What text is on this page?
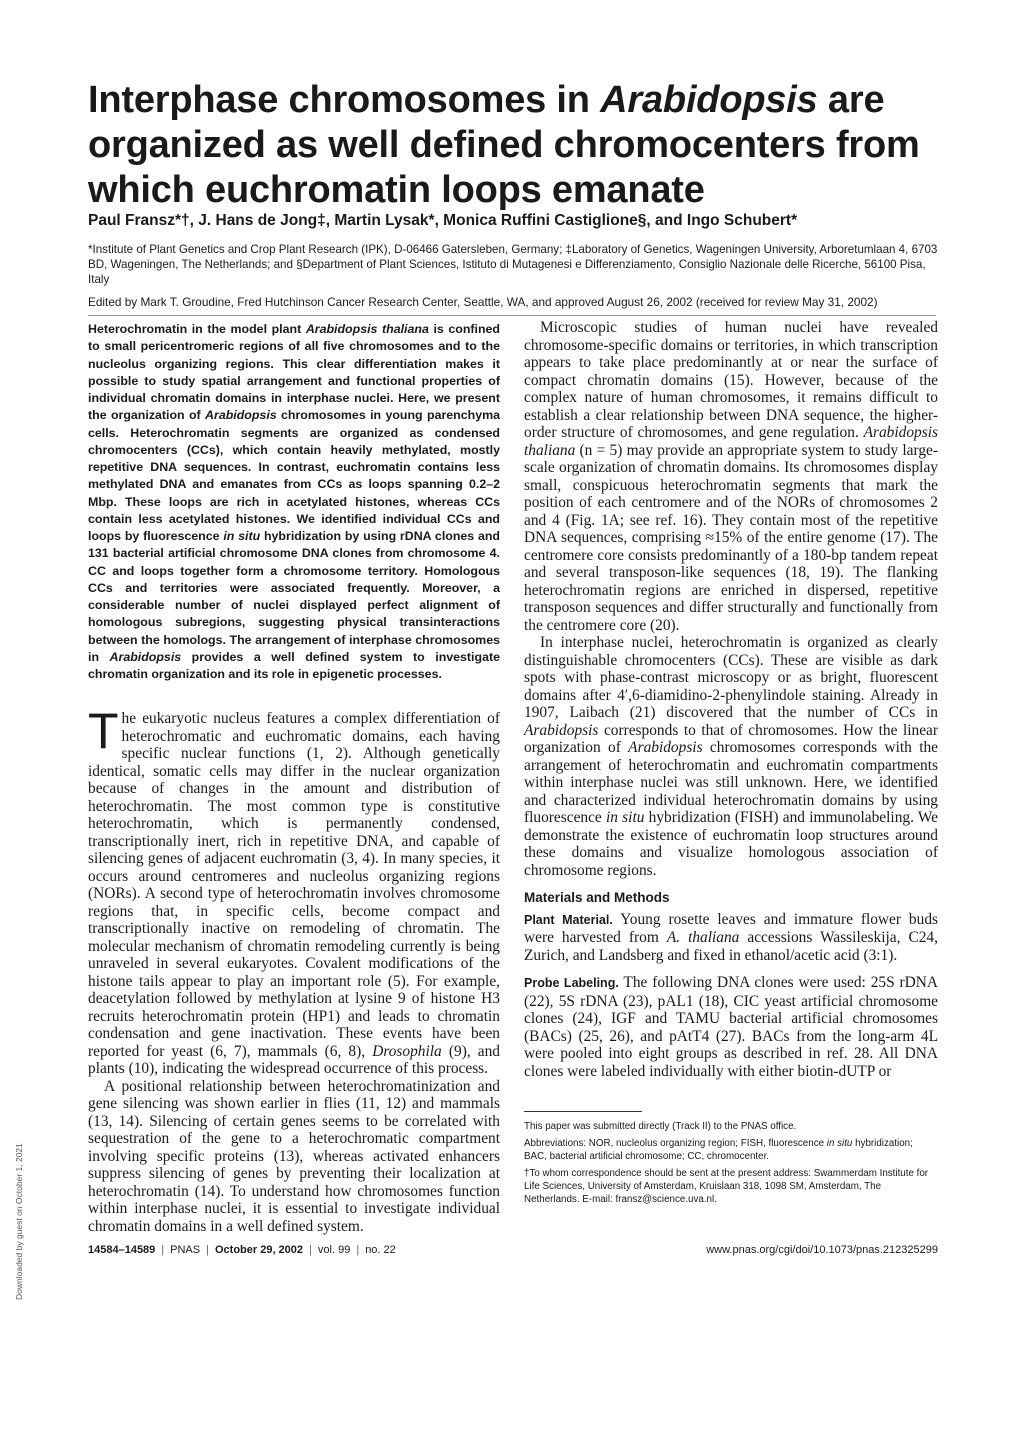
Interphase chromosomes in Arabidopsis are organized as well defined chromocenters from which euchromatin loops emanate
Paul Fransz*†, J. Hans de Jong‡, Martin Lysak*, Monica Ruffini Castiglione§, and Ingo Schubert*
*Institute of Plant Genetics and Crop Plant Research (IPK), D-06466 Gatersleben, Germany; ‡Laboratory of Genetics, Wageningen University, Arboretumlaan 4, 6703 BD, Wageningen, The Netherlands; and §Department of Plant Sciences, Istituto di Mutagenesi e Differenziamento, Consiglio Nazionale delle Ricerche, 56100 Pisa, Italy
Edited by Mark T. Groudine, Fred Hutchinson Cancer Research Center, Seattle, WA, and approved August 26, 2002 (received for review May 31, 2002)

Heterochromatin in the model plant Arabidopsis thaliana is confined to small pericentromeric regions of all five chromosomes and to the nucleolus organizing regions. This clear differentiation makes it possible to study spatial arrangement and functional properties of individual chromatin domains in interphase nuclei. Here, we present the organization of Arabidopsis chromosomes in young parenchyma cells. Heterochromatin segments are organized as condensed chromocenters (CCs), which contain heavily methylated, mostly repetitive DNA sequences. In contrast, euchromatin contains less methylated DNA and emanates from CCs as loops spanning 0.2–2 Mbp. These loops are rich in acetylated histones, whereas CCs contain less acetylated histones. We identified individual CCs and loops by fluorescence in situ hybridization by using rDNA clones and 131 bacterial artificial chromosome DNA clones from chromosome 4. CC and loops together form a chromosome territory. Homologous CCs and territories were associated frequently. Moreover, a considerable number of nuclei displayed perfect alignment of homologous subregions, suggesting physical transinteractions between the homologs. The arrangement of interphase chromosomes in Arabidopsis provides a well defined system to investigate chromatin organization and its role in epigenetic processes.

The eukaryotic nucleus features a complex differentiation of heterochromatic and euchromatic domains, each having specific nuclear functions (1, 2). Although genetically identical, somatic cells may differ in the nuclear organization because of changes in the amount and distribution of heterochromatin. The most common type is constitutive heterochromatin, which is permanently condensed, transcriptionally inert, rich in repetitive DNA, and capable of silencing genes of adjacent euchromatin (3, 4). In many species, it occurs around centromeres and nucleolus organizing regions (NORs). A second type of heterochromatin involves chromosome regions that, in specific cells, become compact and transcriptionally inactive on remodeling of chromatin. The molecular mechanism of chromatin remodeling currently is being unraveled in several eukaryotes. Covalent modifications of the histone tails appear to play an important role (5). For example, deacetylation followed by methylation at lysine 9 of histone H3 recruits heterochromatin protein (HP1) and leads to chromatin condensation and gene inactivation. These events have been reported for yeast (6, 7), mammals (6, 8), Drosophila (9), and plants (10), indicating the widespread occurrence of this process.

A positional relationship between heterochromatinization and gene silencing was shown earlier in flies (11, 12) and mammals (13, 14). Silencing of certain genes seems to be correlated with sequestration of the gene to a heterochromatic compartment involving specific proteins (13), whereas activated enhancers suppress silencing of genes by preventing their localization at heterochromatin (14). To understand how chromosomes function within interphase nuclei, it is essential to investigate individual chromatin domains in a well defined system.

Microscopic studies of human nuclei have revealed chromosome-specific domains or territories, in which transcription appears to take place predominantly at or near the surface of compact chromatin domains (15). However, because of the complex nature of human chromosomes, it remains difficult to establish a clear relationship between DNA sequence, the higher-order structure of chromosomes, and gene regulation. Arabidopsis thaliana (n = 5) may provide an appropriate system to study large-scale organization of chromatin domains. Its chromosomes display small, conspicuous heterochromatin segments that mark the position of each centromere and of the NORs of chromosomes 2 and 4 (Fig. 1A; see ref. 16). They contain most of the repetitive DNA sequences, comprising ≈15% of the entire genome (17). The centromere core consists predominantly of a 180-bp tandem repeat and several transposon-like sequences (18, 19). The flanking heterochromatin regions are enriched in dispersed, repetitive transposon sequences and differ structurally and functionally from the centromere core (20).

In interphase nuclei, heterochromatin is organized as clearly distinguishable chromocenters (CCs). These are visible as dark spots with phase-contrast microscopy or as bright, fluorescent domains after 4′,6-diamidino-2-phenylindole staining. Already in 1907, Laibach (21) discovered that the number of CCs in Arabidopsis corresponds to that of chromosomes. How the linear organization of Arabidopsis chromosomes corresponds with the arrangement of heterochromatin and euchromatin compartments within interphase nuclei was still unknown. Here, we identified and characterized individual heterochromatin domains by using fluorescence in situ hybridization (FISH) and immunolabeling. We demonstrate the existence of euchromatin loop structures around these domains and visualize homologous association of chromosome regions.

Materials and Methods

Plant Material. Young rosette leaves and immature flower buds were harvested from A. thaliana accessions Wassileskija, C24, Zurich, and Landsberg and fixed in ethanol/acetic acid (3:1).

Probe Labeling. The following DNA clones were used: 25S rDNA (22), 5S rDNA (23), pAL1 (18), CIC yeast artificial chromosome clones (24), IGF and TAMU bacterial artificial chromosomes (BACs) (25, 26), and pAtT4 (27). BACs from the long-arm 4L were pooled into eight groups as described in ref. 28. All DNA clones were labeled individually with either biotin-dUTP or

This paper was submitted directly (Track II) to the PNAS office.

Abbreviations: NOR, nucleolus organizing region; FISH, fluorescence in situ hybridization; BAC, bacterial artificial chromosome; CC, chromocenter.

†To whom correspondence should be sent at the present address: Swammerdam Institute for Life Sciences, University of Amsterdam, Kruislaan 318, 1098 SM, Amsterdam, The Netherlands. E-mail: fransz@science.uva.nl.

14584–14589 | PNAS | October 29, 2002 | vol. 99 | no. 22	www.pnas.org/cgi/doi/10.1073/pnas.212325299
Downloaded by guest on October 1, 2021
